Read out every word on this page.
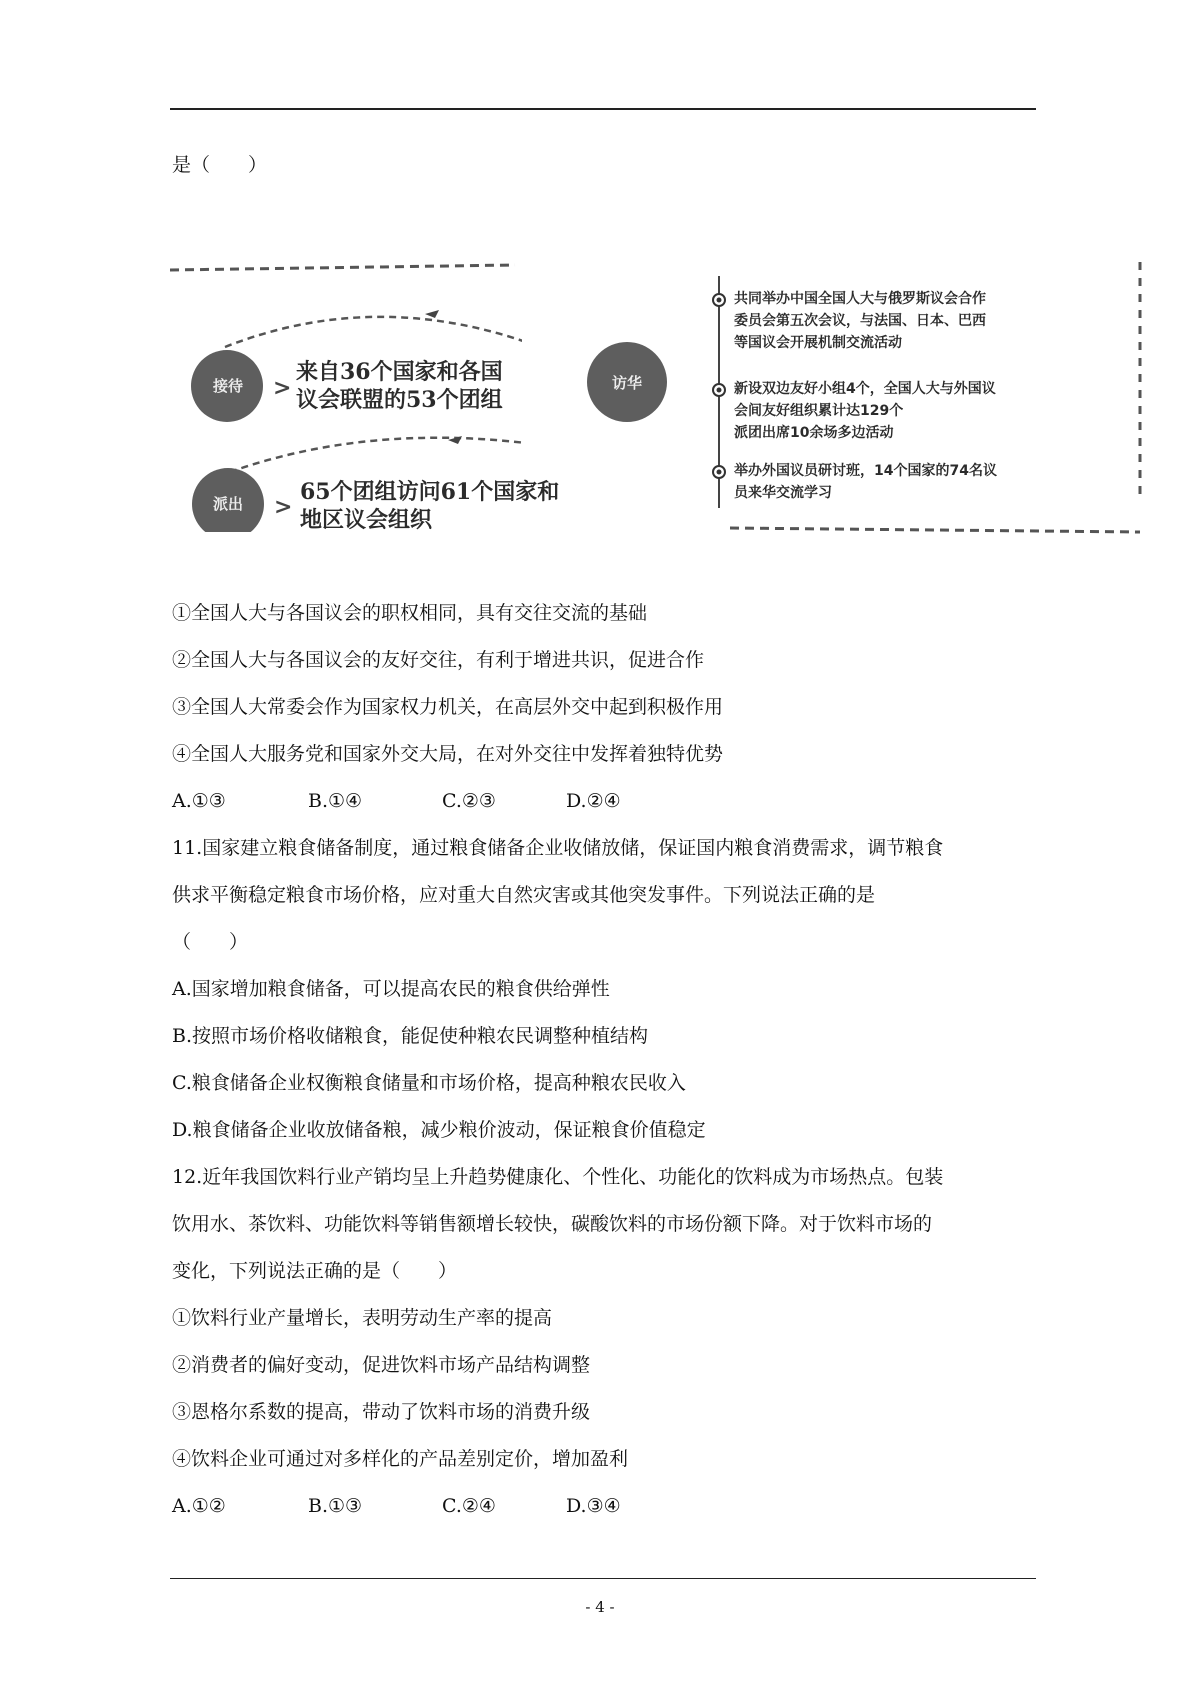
是（　　）
>
>
接待
派出
访华
来自36个国家和各国
议会联盟的53个团组
65个团组访问61个国家和
地区议会组织
共同举办中国全国人大与俄罗斯议会合作
委员会第五次会议，与法国、日本、巴西
等国议会开展机制交流活动
新设双边友好小组4个，全国人大与外国议
会间友好组织累计达129个
派团出席10余场多边活动
举办外国议员研讨班，14个国家的74名议
员来华交流学习
①全国人大与各国议会的职权相同，具有交往交流的基础
②全国人大与各国议会的友好交往，有利于增进共识，促进合作
③全国人大常委会作为国家权力机关，在高层外交中起到积极作用
④全国人大服务党和国家外交大局，在对外交往中发挥着独特优势
A.①③	B.①④	C.②③	D.②④
11.国家建立粮食储备制度，通过粮食储备企业收储放储，保证国内粮食消费需求，调节粮食
供求平衡稳定粮食市场价格，应对重大自然灾害或其他突发事件。下列说法正确的是
（　　）
A.国家增加粮食储备，可以提高农民的粮食供给弹性
B.按照市场价格收储粮食，能促使种粮农民调整种植结构
C.粮食储备企业权衡粮食储量和市场价格，提高种粮农民收入
D.粮食储备企业收放储备粮，减少粮价波动，保证粮食价值稳定
12.近年我国饮料行业产销均呈上升趋势健康化、个性化、功能化的饮料成为市场热点。包装
饮用水、茶饮料、功能饮料等销售额增长较快，碳酸饮料的市场份额下降。对于饮料市场的
变化，下列说法正确的是（　　）
①饮料行业产量增长，表明劳动生产率的提高
②消费者的偏好变动，促进饮料市场产品结构调整
③恩格尔系数的提高，带动了饮料市场的消费升级
④饮料企业可通过对多样化的产品差别定价，增加盈利
A.①②	B.①③	C.②④	D.③④
- 4 -
